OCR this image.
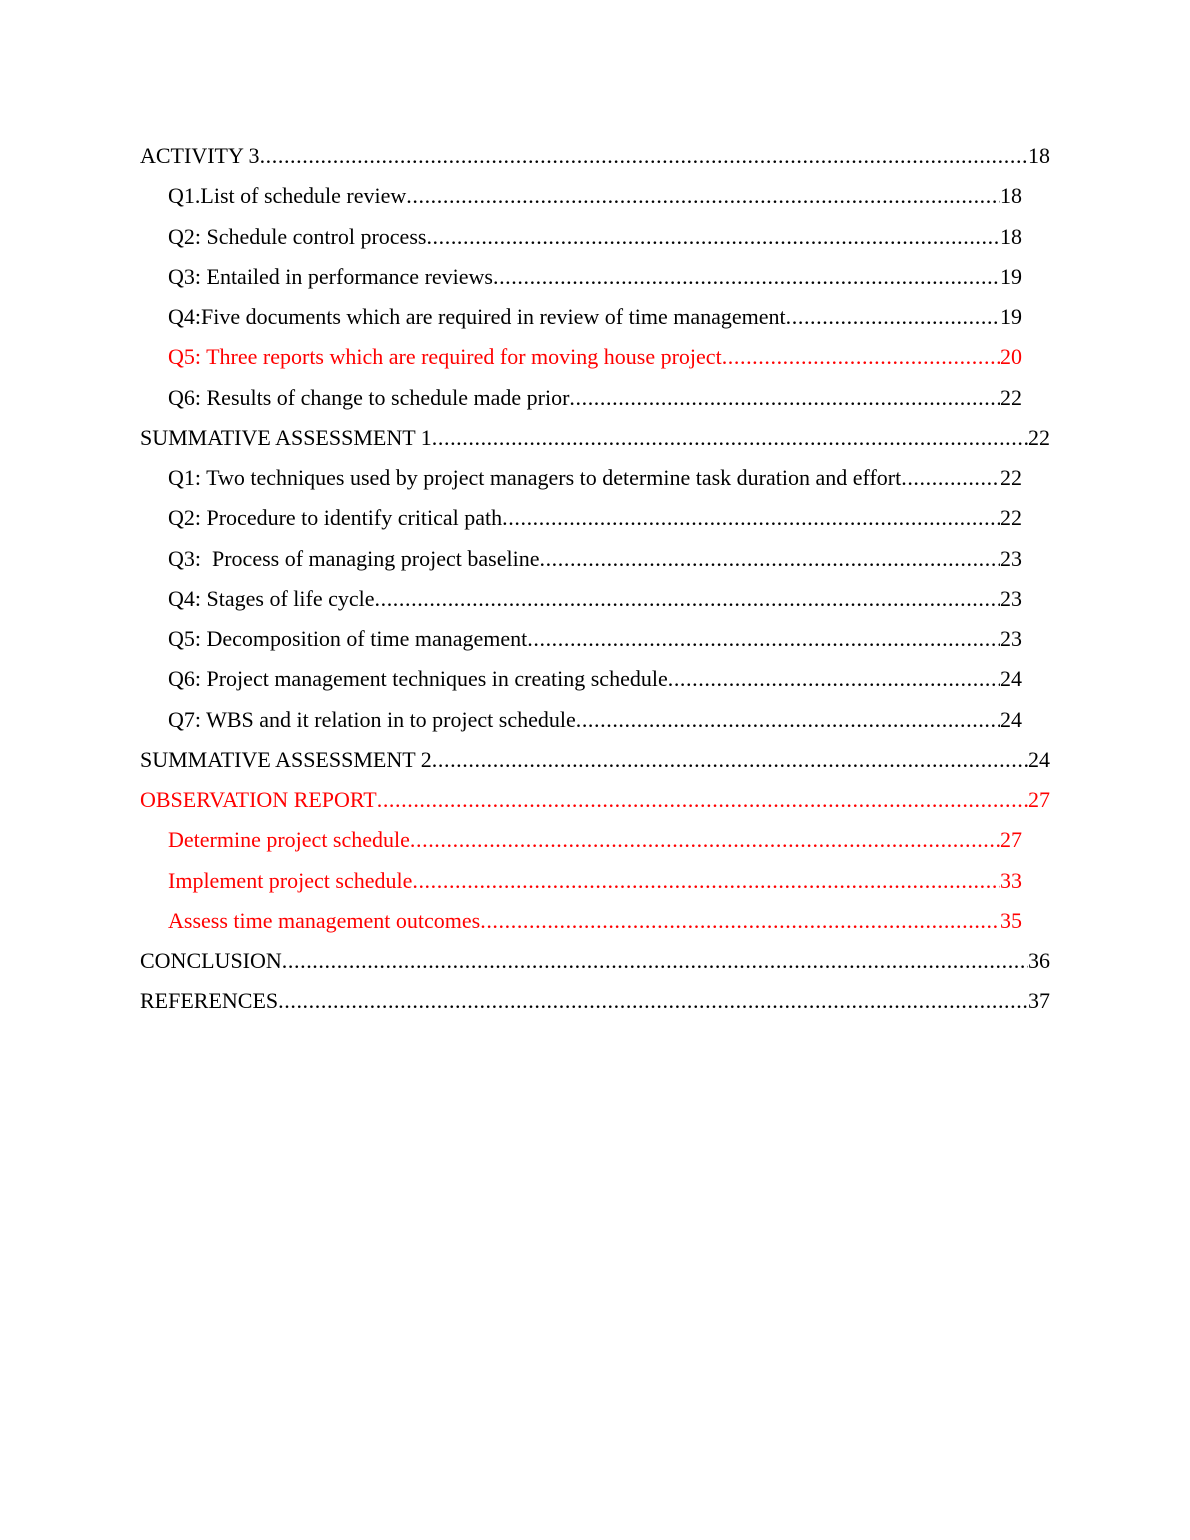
ACTIVITY 3 .....	18
Q1.List of schedule review .....	18
Q2: Schedule control process .....	18
Q3: Entailed in performance reviews .....	19
Q4:Five documents which are required in review of time management .....	19
Q5: Three reports which are required for moving house project .....	20
Q6: Results of change to schedule made prior .....	22
SUMMATIVE ASSESSMENT 1 .....	22
Q1: Two techniques used by project managers to determine task duration and effort .....	22
Q2: Procedure to identify critical path .....	22
Q3:  Process of managing project baseline .....	23
Q4: Stages of life cycle .....	23
Q5: Decomposition of time management .....	23
Q6: Project management techniques in creating schedule .....	24
Q7: WBS and it relation in to project schedule .....	24
SUMMATIVE ASSESSMENT 2 .....	24
OBSERVATION REPORT .....	27
Determine project schedule .....	27
Implement project schedule .....	33
Assess time management outcomes .....	35
CONCLUSION .....	36
REFERENCES .....	37
